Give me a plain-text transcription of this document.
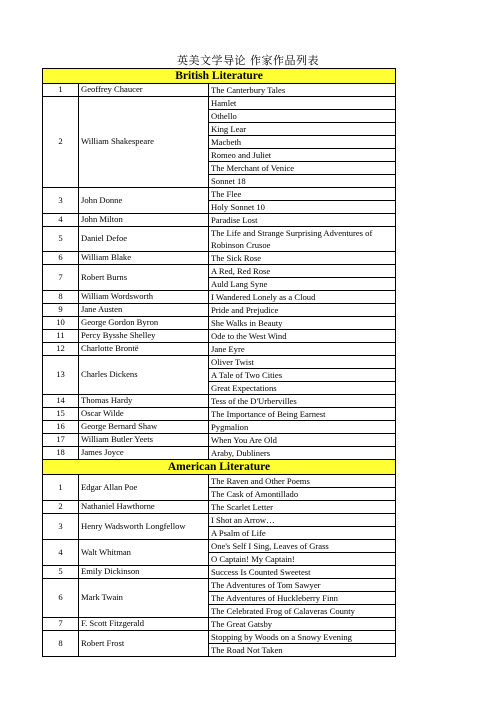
英美文学导论 作家作品列表
British Literature		
1	Geoffrey Chaucer	The Canterbury Tales
2	William Shakespeare	Hamlet
		Othello
		King Lear
		Macbeth
		Romeo and Juliet
		The Merchant of Venice
		Sonnet 18
3	John Donne	The Flee
		Holy Sonnet 10
4	John Milton	Paradise Lost
5	Daniel Defoe	The Life and Strange Surprising Adventures of Robinson Crusoe
6	William Blake	The Sick Rose
7	Robert Burns	A Red, Red Rose
		Auld Lang Syne
8	William Wordsworth	I Wandered Lonely as a Cloud
9	Jane Austen	Pride and Prejudice
10	George Gordon Byron	She Walks in Beauty
11	Percy Bysshe Shelley	Ode to the West Wind
12	Charlotte Brontë	Jane Eyre
13	Charles Dickens	Oliver Twist
		A Tale of Two Cities
		Great Expectations
14	Thomas Hardy	Tess of the D'Urbervilles
15	Oscar Wilde	The Importance of Being Earnest
16	George Bernard Shaw	Pygmalion
17	William Butler Yeets	When You Are Old
18	James Joyce	Araby, Dubliners
American Literature		
1	Edgar Allan Poe	The Raven and Other Poems
		The Cask of Amontillado
2	Nathaniel Hawthorne	The Scarlet Letter
3	Henry Wadsworth Longfellow	I Shot an Arrow…
		A Psalm of Life
4	Walt Whitman	One's Self I Sing, Leaves of Grass
		O Captain! My Captain!
5	Emily Dickinson	Success Is Counted Sweetest
6	Mark Twain	The Adventures of Tom Sawyer
		The Adventures of Huckleberry Finn
		The Celebrated Frog of Calaveras County
7	F. Scott Fitzgerald	The Great Gatsby
8	Robert Frost	Stopping by Woods on a Snowy Evening
		The Road Not Taken
